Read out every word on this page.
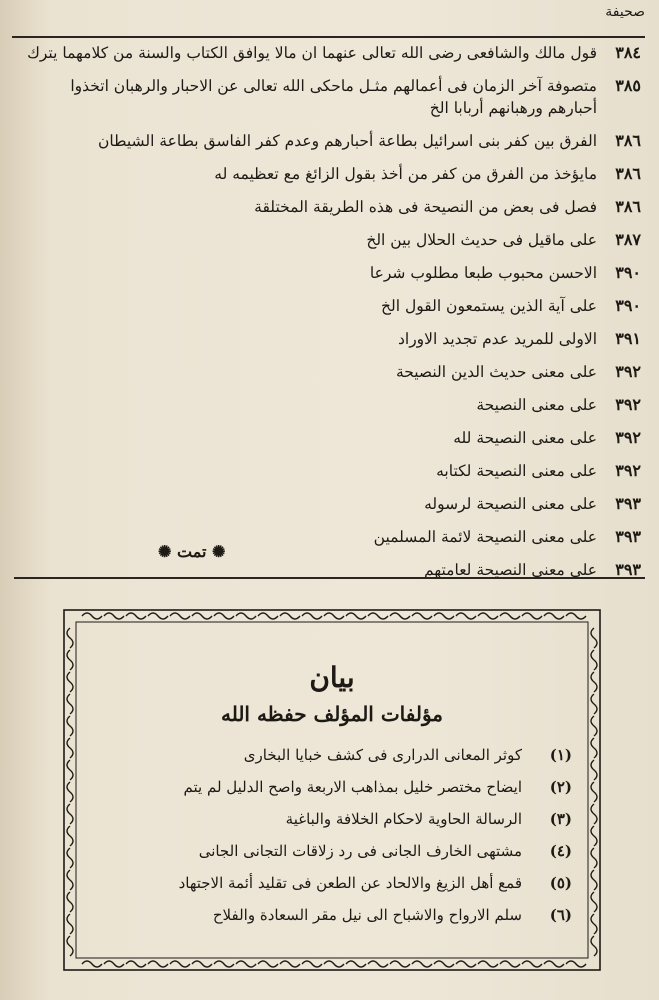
صحيفة
٣٨٤
قول مالك والشافعى رضى الله تعالى عنهما ان مالا يوافق الكتاب والسنة من كلامهما يترك
٣٨٥
متصوفة آخر الزمان فى أعمالهم مثـل ماحكى الله تعالى عن الاحبار والرهبان اتخذوا أحبارهم ورهبانهم أربابا الخ
٣٨٦
الفرق بين كفر بنى اسرائيل بطاعة أحبارهم وعدم كفر الفاسق بطاعة الشيطان
٣٨٦
مايؤخذ من الفرق من كفر من أخذ بقول الزائغ مع تعظيمه له
٣٨٦
فصل فى بعض من النصيحة فى هذه الطريقة المختلقة
٣٨٧
على ماقيل فى حديث الحلال بين الخ
٣٩٠
الاحسن محبوب طبعا مطلوب شرعا
٣٩٠
على آية الذين يستمعون القول الخ
٣٩١
الاولى للمريد عدم تجديد الاوراد
٣٩٢
على معنى حديث الدين النصيحة
٣٩٢
على معنى النصيحة
٣٩٢
على معنى النصيحة لله
٣٩٢
على معنى النصيحة لكتابه
٣٩٣
على معنى النصيحة لرسوله
٣٩٣
على معنى النصيحة لائمة المسلمين
٣٩٣
على معنى النصيحة لعامتهم
✺ تمت ✺
بيان
مؤلفات المؤلف حفظه الله
(١)
كوثر المعانى الدرارى فى كشف خبايا البخارى
(٢)
ايضاح مختصر خليل بمذاهب الاربعة واصح الدليل لم يتم
(٣)
الرسالة الحاوية لاحكام الخلافة والباغية
(٤)
مشتهى الخارف الجانى فى رد زلاقات التجانى الجانى
(٥)
قمع أهل الزيغ والالحاد عن الطعن فى تقليد أئمة الاجتهاد
(٦)
سلم الارواح والاشباح الى نيل مقر السعادة والفلاح
